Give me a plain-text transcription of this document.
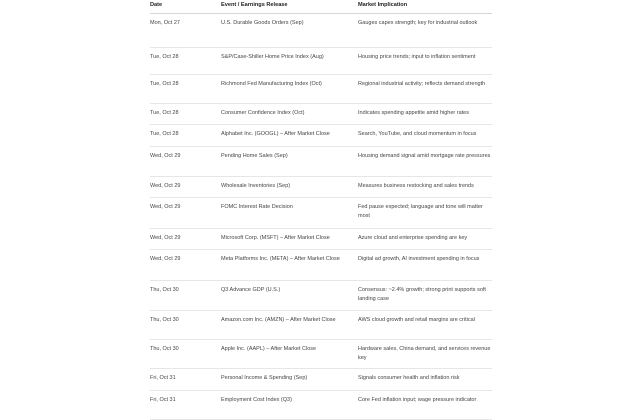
Date	Event / Earnings Release	Market Implication
Mon, Oct 27	U.S. Durable Goods Orders (Sep)	Gauges capex strength; key for industrial outlook
Tue, Oct 28	S&P/Case-Shiller Home Price Index (Aug)	Housing price trends; input to inflation sentiment
Tue, Oct 28	Richmond Fed Manufacturing Index (Oct)	Regional industrial activity; reflects demand strength
Tue, Oct 28	Consumer Confidence Index (Oct)	Indicates spending appetite amid higher rates
Tue, Oct 28	Alphabet Inc. (GOOGL) – After Market Close	Search, YouTube, and cloud momentum in focus
Wed, Oct 29	Pending Home Sales (Sep)	Housing demand signal amid mortgage rate pressures
Wed, Oct 29	Wholesale Inventories (Sep)	Measures business restocking and sales trends
Wed, Oct 29	FOMC Interest Rate Decision	Fed pause expected; language and tone will matter most
Wed, Oct 29	Microsoft Corp. (MSFT) – After Market Close	Azure cloud and enterprise spending are key
Wed, Oct 29	Meta Platforms Inc. (META) – After Market Close	Digital ad growth, AI investment spending in focus
Thu, Oct 30	Q3 Advance GDP (U.S.)	Consensus: ~2.4% growth; strong print supports soft landing case
Thu, Oct 30	Amazon.com Inc. (AMZN) – After Market Close	AWS cloud growth and retail margins are critical
Thu, Oct 30	Apple Inc. (AAPL) – After Market Close	Hardware sales, China demand, and services revenue key
Fri, Oct 31	Personal Income & Spending (Sep)	Signals consumer health and inflation risk
Fri, Oct 31	Employment Cost Index (Q3)	Core Fed inflation input; wage pressure indicator
